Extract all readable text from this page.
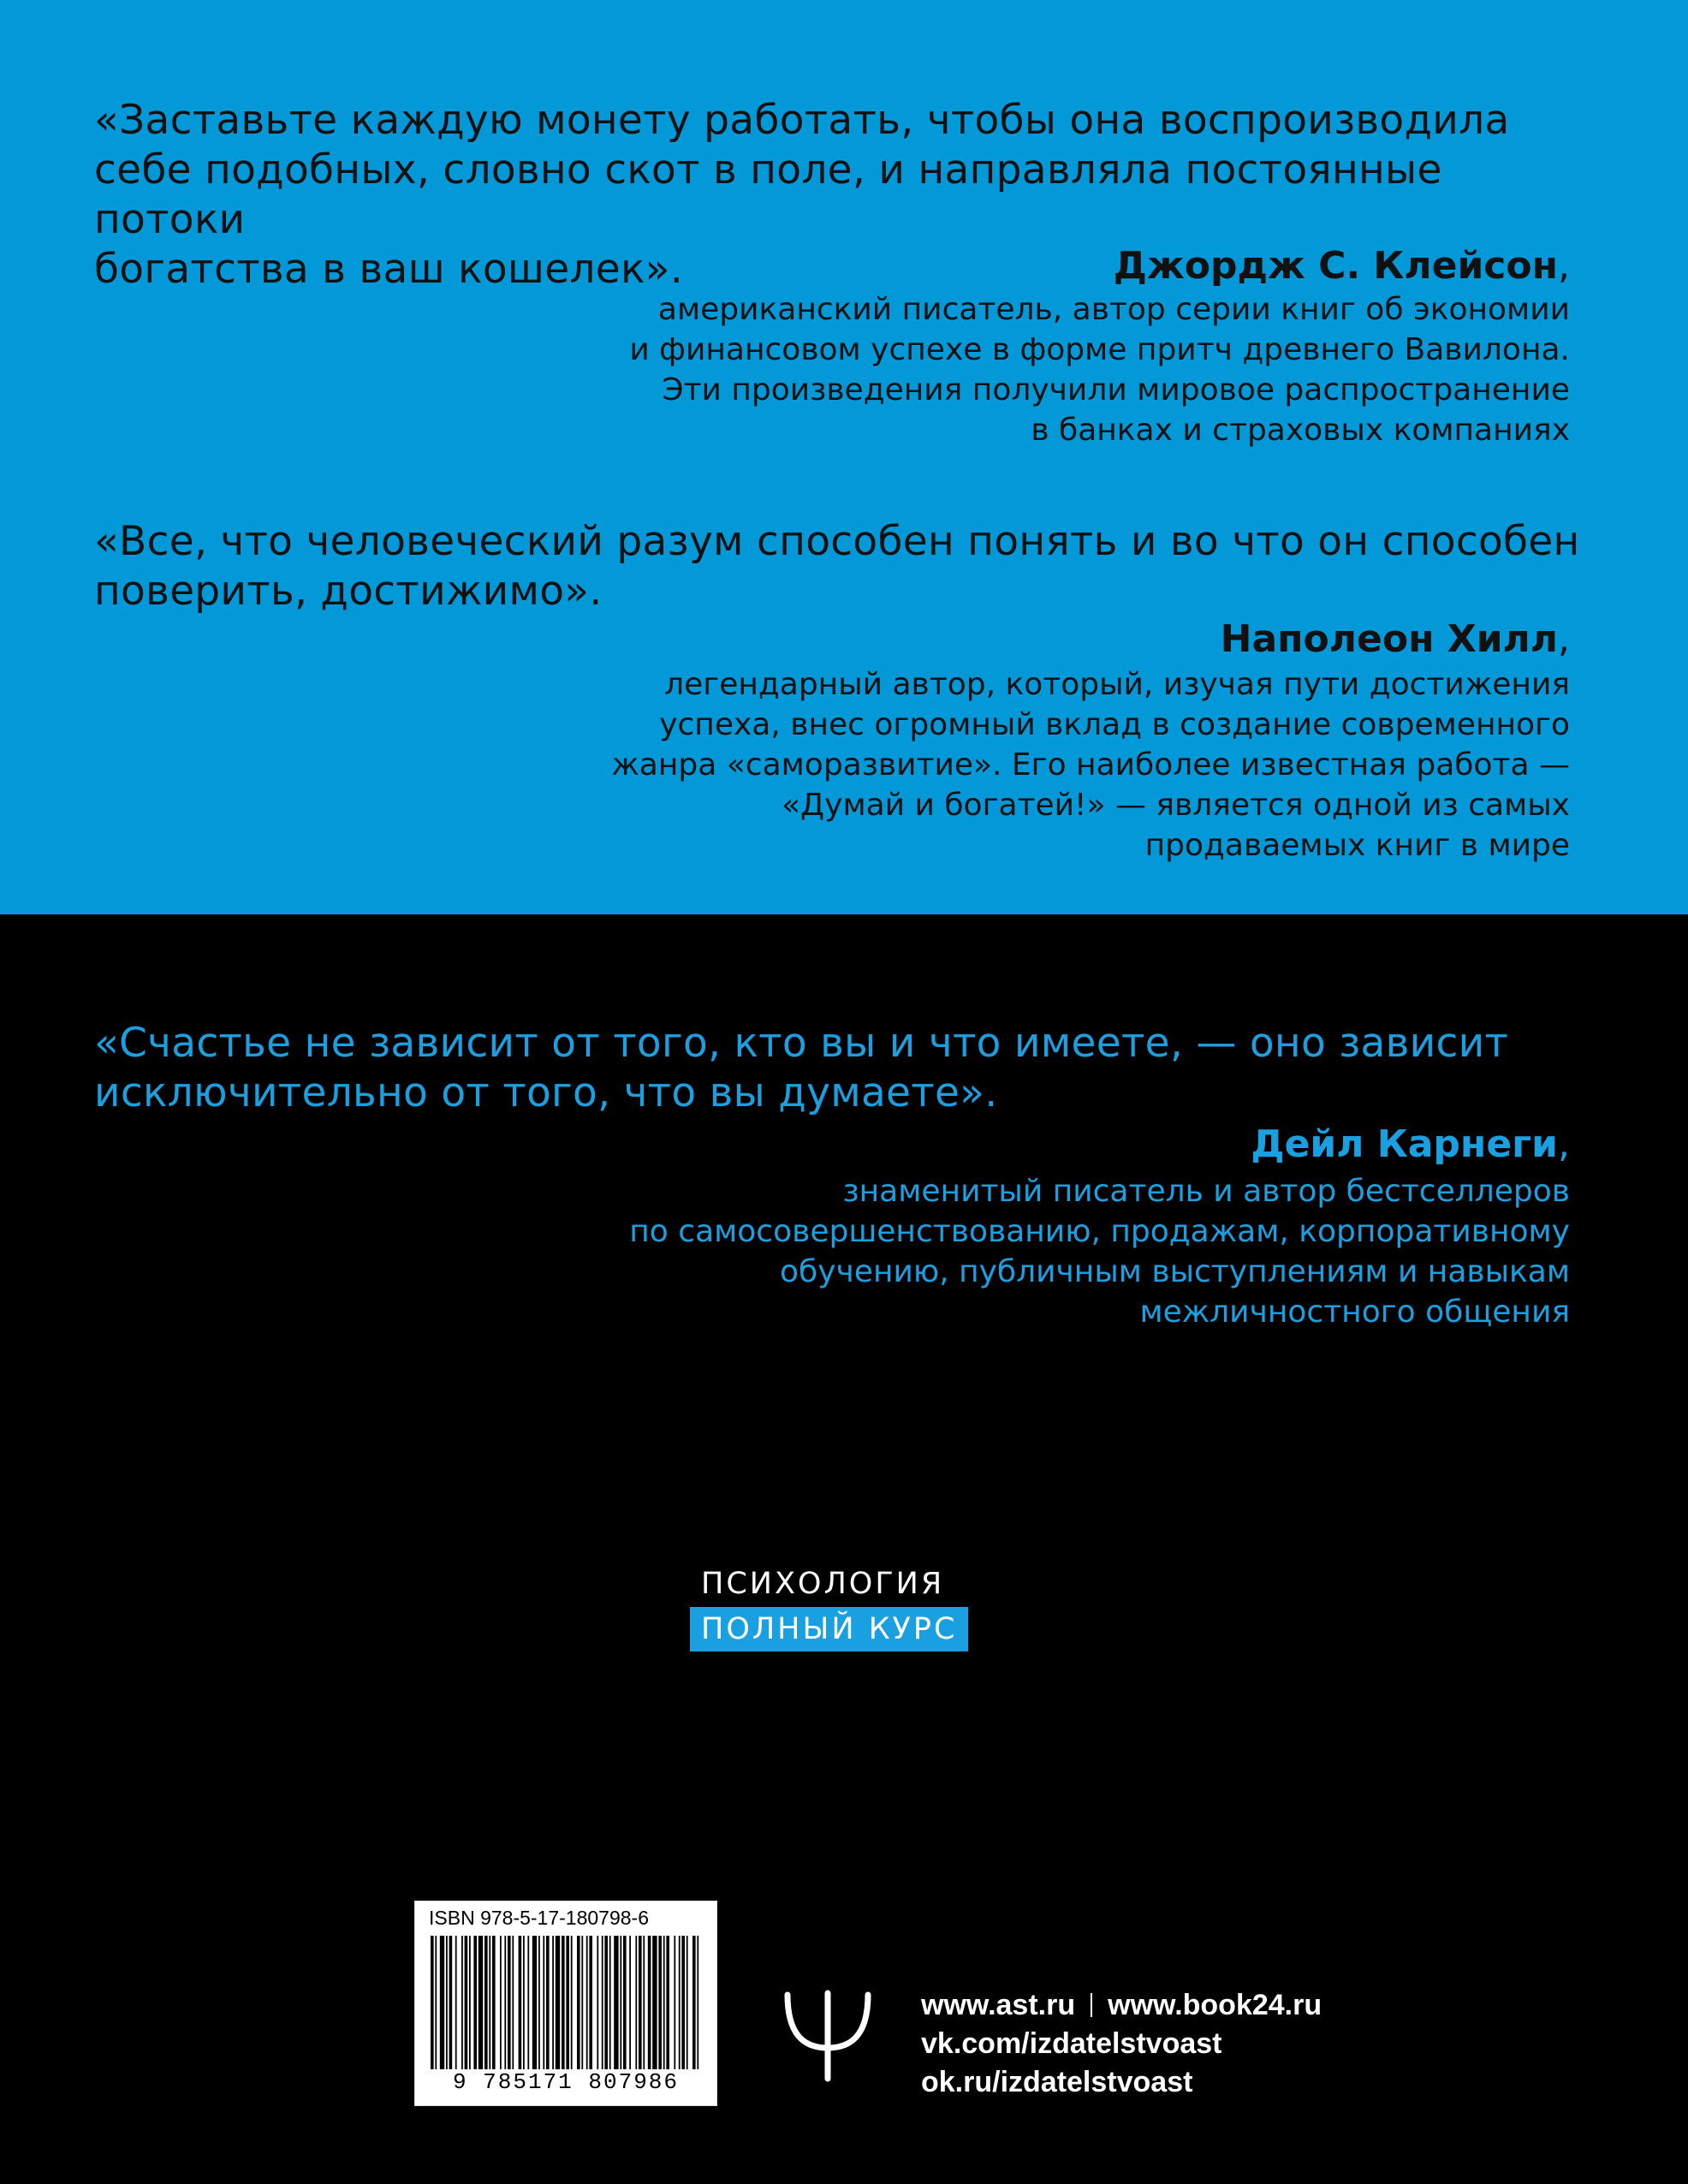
«Заставьте каждую монету работать, чтобы она воспроизводила
себе подобных, словно скот в поле, и направляла постоянные потоки
богатства в ваш кошелек».	Джордж С. Клейсон,
американский писатель, автор серии книг об экономии
и финансовом успехе в форме притч древнего Вавилона.
Эти произведения получили мировое распространение
в банках и страховых компаниях
«Все, что человеческий разум способен понять и во что он способен
поверить, достижимо».
Наполеон Хилл,
легендарный автор, который, изучая пути достижения
успеха, внес огромный вклад в создание современного
жанра «саморазвитие». Его наиболее известная работа —
«Думай и богатей!» — является одной из самых
продаваемых книг в мире
«Счастье не зависит от того, кто вы и что имеете, — оно зависит
исключительно от того, что вы думаете».
Дейл Карнеги,
знаменитый писатель и автор бестселлеров
по самосовершенствованию, продажам, корпоративному
обучению, публичным выступлениям и навыкам
межличностного общения
ПСИХОЛОГИЯ
ПОЛНЫЙ КУРС
ISBN 978-5-17-180798-6
9 785171 807986
www.ast.ru www.book24.ru
vk.com/izdatelstvoast
ok.ru/izdatelstvoast
